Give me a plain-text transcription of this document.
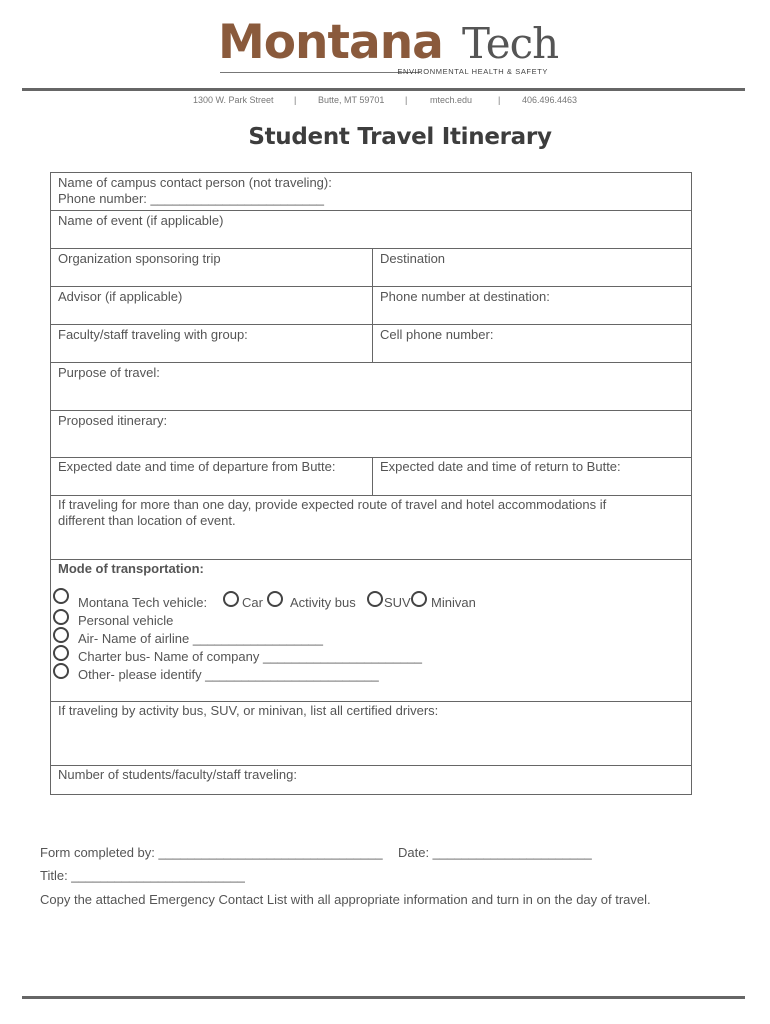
Montana Tech
ENVIRONMENTAL HEALTH & SAFETY
1300 W. Park Street | Butte, MT 59701 |	mtech.edu	| 406.496.4463
Student Travel Itinerary
Name of campus contact person (not traveling):
Phone number: ________________________
Name of event (if applicable)
Organization sponsoring trip	Destination
Advisor (if applicable)	Phone number at destination:
Faculty/staff traveling with group:	Cell phone number:
Purpose of travel:
Proposed itinerary:
Expected date and time of departure from Butte:	Expected date and time of return to Butte:
If traveling for more than one day, provide expected route of travel and hotel accommodations if
different than location of event.
Mode of transportation:
Montana Tech vehicle:	Car Activity bus SUV Minivan
Personal vehicle
Air- Name of airline __________________
Charter bus- Name of company ______________________
Other- please identify ________________________
If traveling by activity bus, SUV, or minivan, list all certified drivers:
Number of students/faculty/staff traveling:
Form completed by: _______________________________ Date: ______________________
Title: ________________________
Copy the attached Emergency Contact List with all appropriate information and turn in on the day of travel.
